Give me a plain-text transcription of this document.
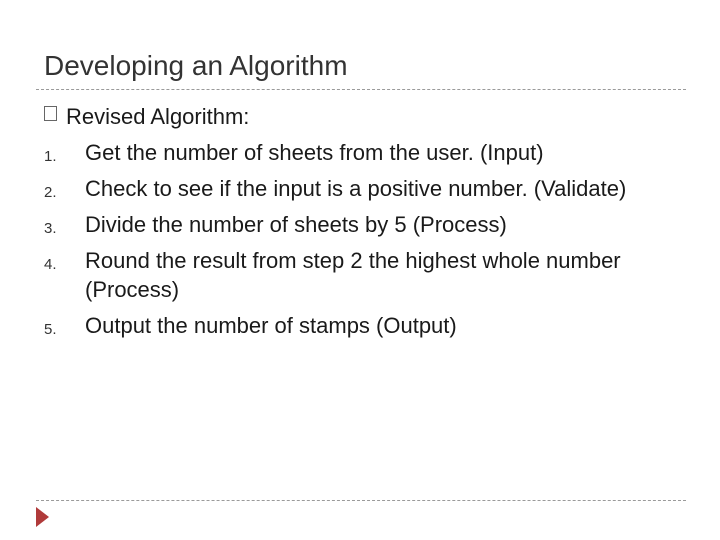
Developing an Algorithm
Revised Algorithm:
1. Get the number of sheets from the user. (Input)
2. Check to see if the input is a positive number. (Validate)
3. Divide the number of sheets by 5 (Process)
4. Round the result from step 2 the highest whole number (Process)
5. Output the number of stamps (Output)
